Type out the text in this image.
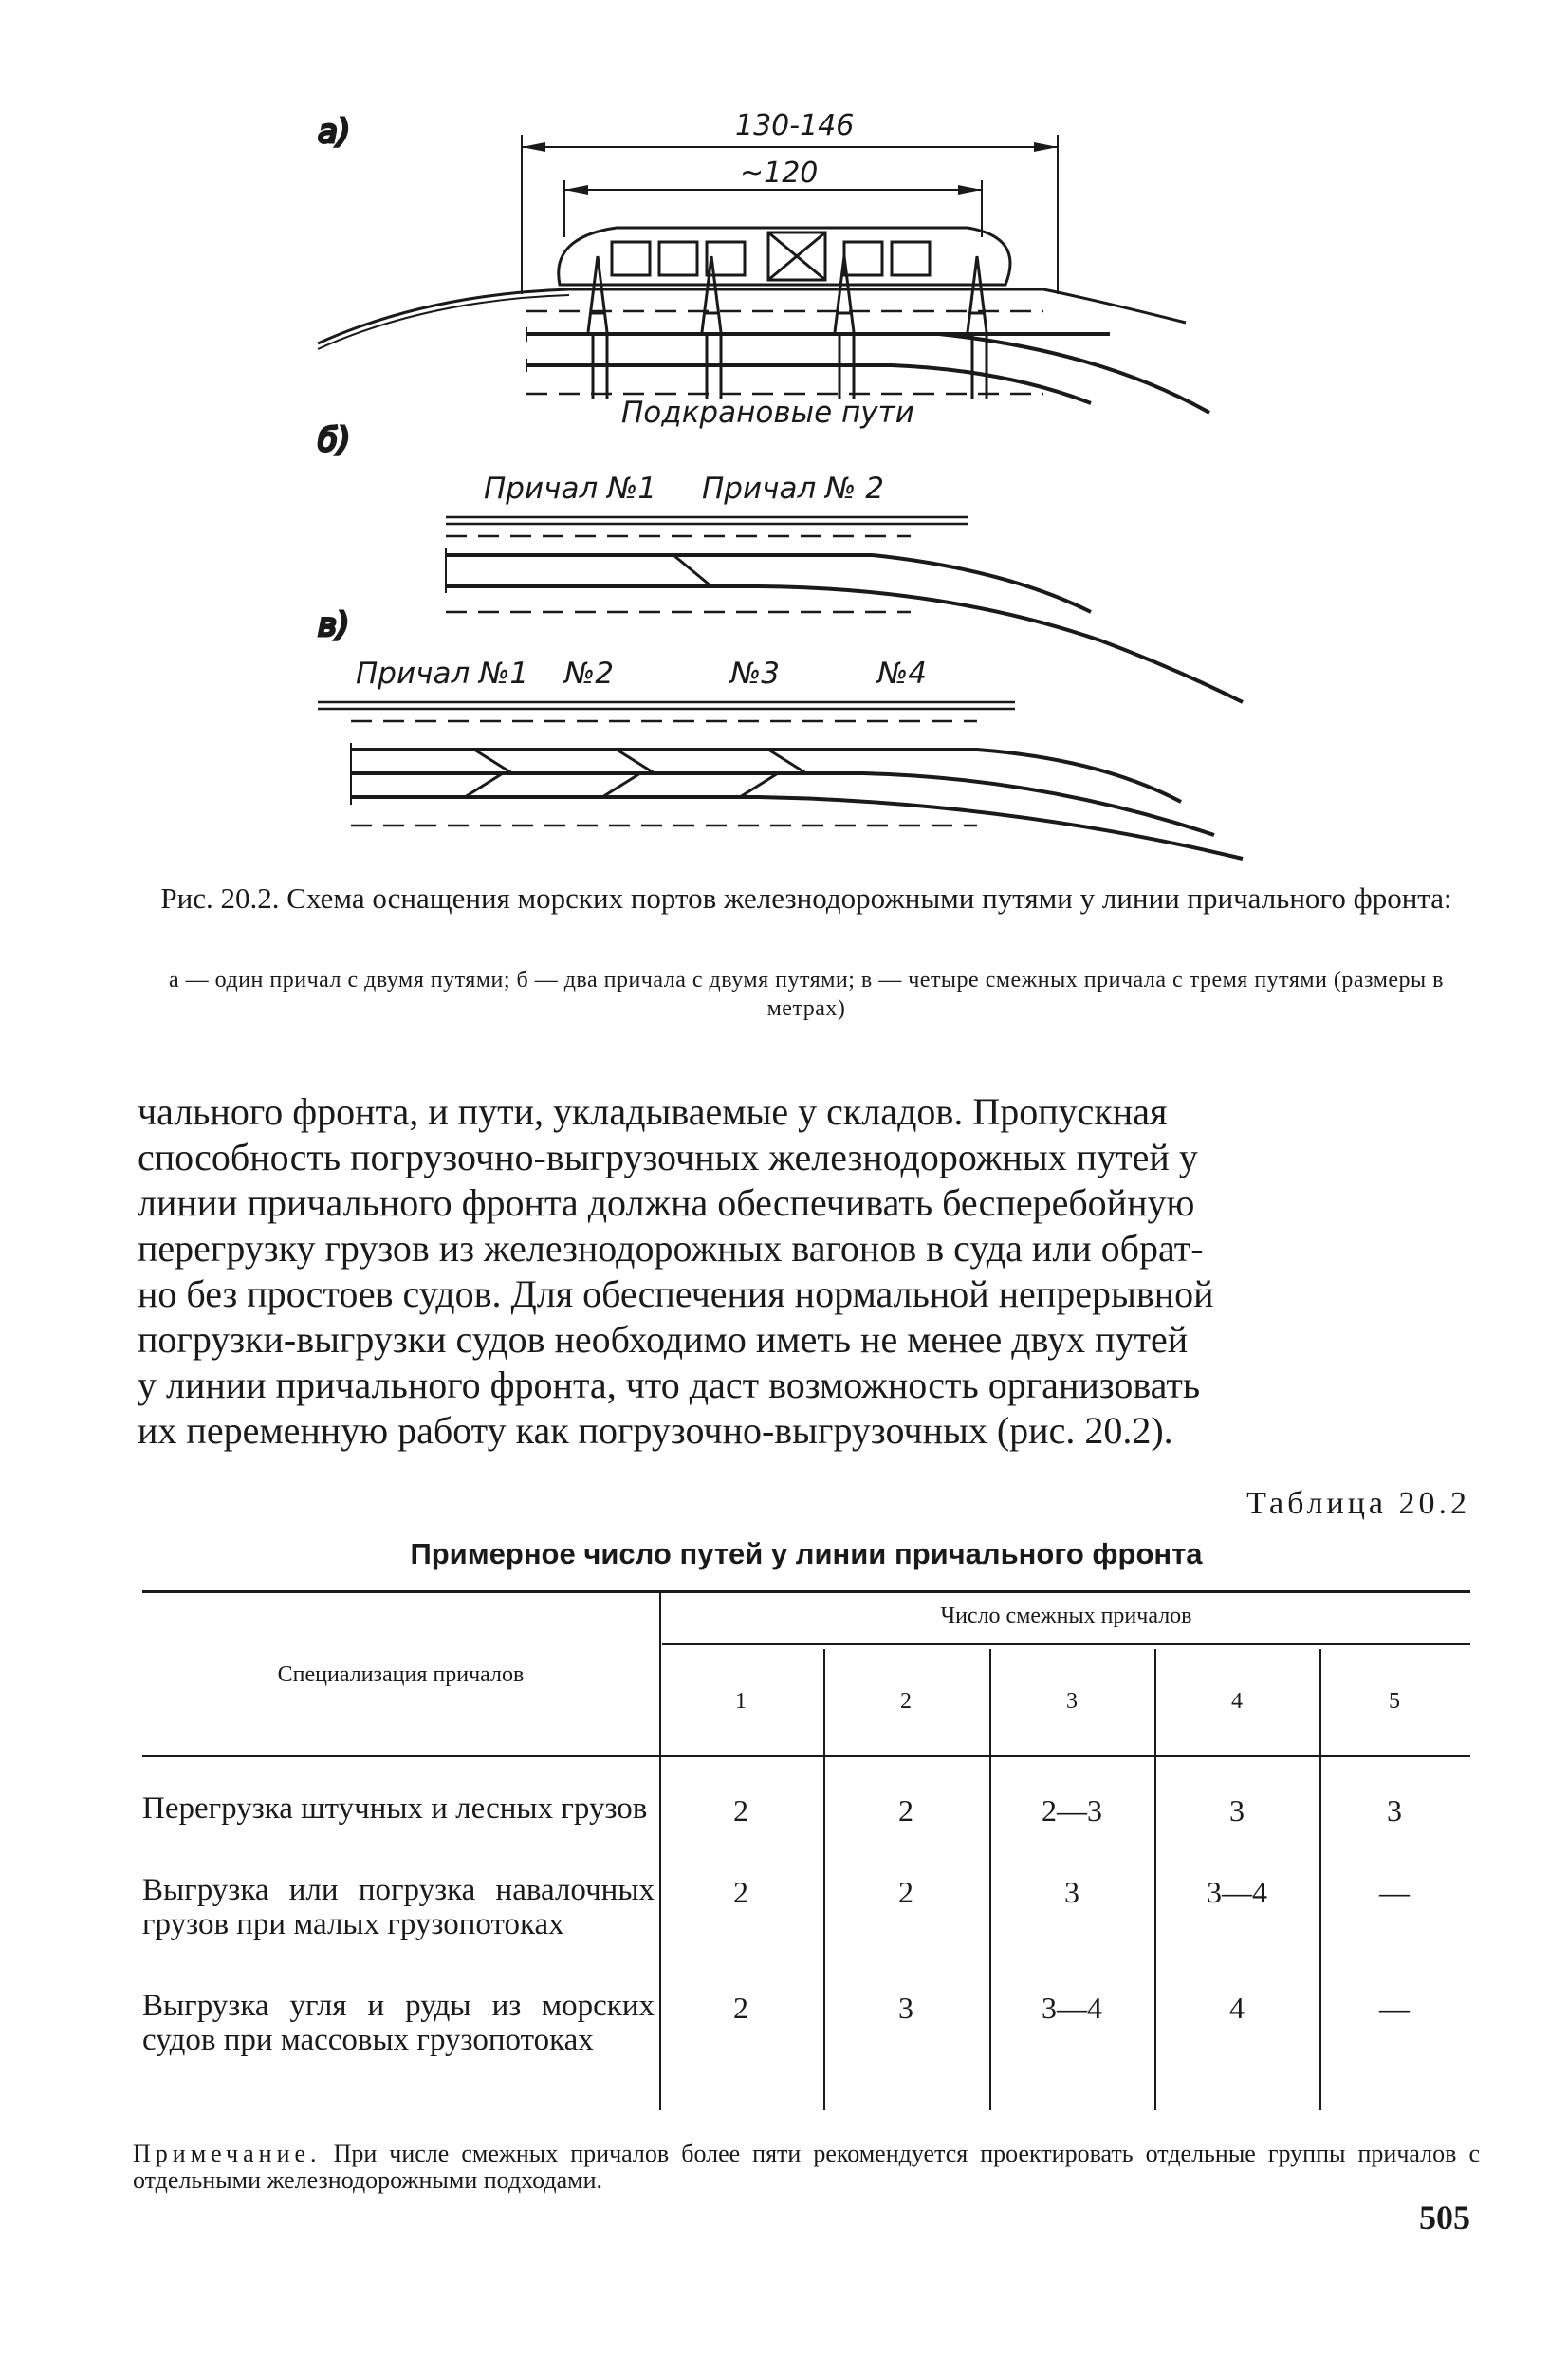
а)	130-146
~120
Подкрановые пути
б)
Причал №1 Причал № 2
в)
Причал №1 №2	№3	№4
Рис. 20.2. Схема оснащения морских портов железнодорожными путями у линии причального фронта:
а — один причал с двумя путями; б — два причала с двумя путями; в — четыре смежных причала с тремя путями (размеры в метрах)

чального фронта, и пути, укладываемые у складов. Пропускная

способность погрузочно-выгрузочных железнодорожных путей у

линии причального фронта должна обеспечивать бесперебойную

перегрузку грузов из железнодорожных вагонов в суда или обрат-

но без простоев судов. Для обеспечения нормальной непрерывной

погрузки-выгрузки судов необходимо иметь не менее двух путей

у линии причального фронта, что даст возможность организовать

их переменную работу как погрузочно-выгрузочных (рис. 20.2).

Таблица 20.2
Примерное число путей у линии причального фронта
Специализация причалов
Число смежных причалов
1	2	3	4	5
Перегрузка штучных и лесных грузов	2	2	2—3	3	3
Выгрузка или погрузка навалочных грузов при малых грузопотоках
2	2	3	3—4	—
Выгрузка угля и руды из морских судов при массовых грузопотоках
2	3	3—4	4	—
Примечание. При числе смежных причалов более пяти рекомендуется проектировать отдельные группы причалов с отдельными железнодорожными подходами.
505
